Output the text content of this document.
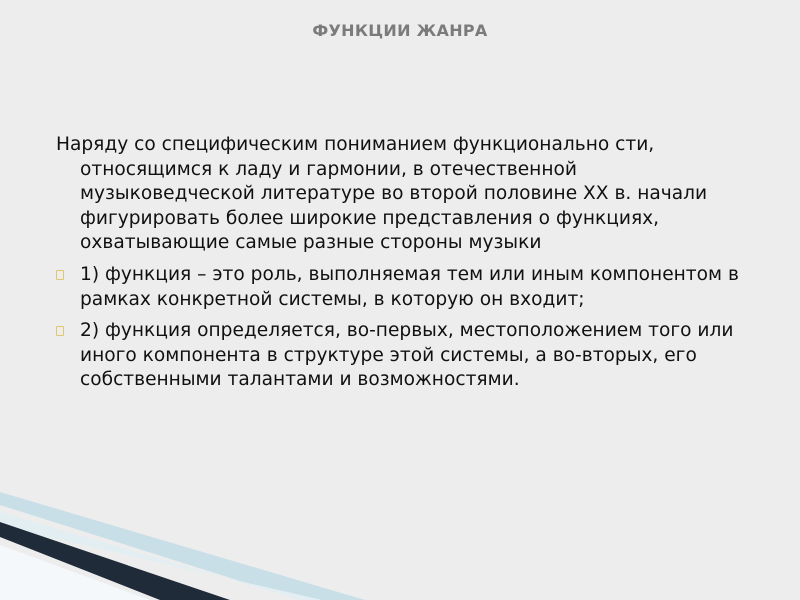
ФУНКЦИИ ЖАНРА
Наряду со специфическим пониманием функционально сти, относящимся к ладу и гармонии, в отечественной музыковедческой литературе во второй половине XX в. начали фигурировать более широкие представления о функциях, охватывающие самые разные стороны музыки
1) функция – это роль, выполняемая тем или иным компонентом в рамках конкретной системы, в которую он входит;
2) функция определяется, во-первых, местоположением того или иного компонента в структуре этой системы, а во-вторых, его собственными талантами и возможностями.
